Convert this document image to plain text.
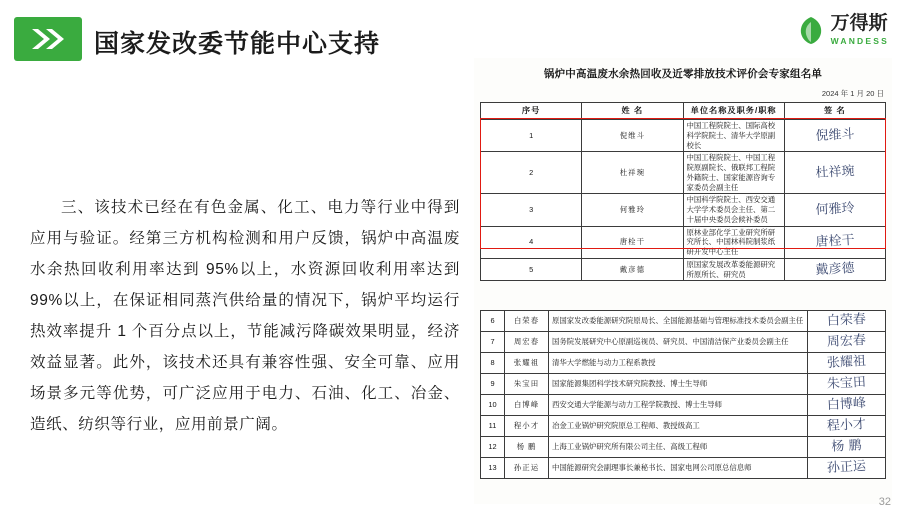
国家发改委节能中心支持
万得斯
WANDESS
三、该技术已经在有色金属、化工、电力等行业中得到应用与验证。经第三方机构检测和用户反馈，锅炉中高温废水余热回收利用率达到 95%以上，水资源回收利用率达到 99%以上，在保证相同蒸汽供给量的情况下，锅炉平均运行热效率提升 1 个百分点以上，节能减污降碳效果明显，经济效益显著。此外，该技术还具有兼容性强、安全可靠、应用场景多元等优势，可广泛应用于电力、石油、化工、冶金、造纸、纺织等行业，应用前景广阔。
锅炉中高温废水余热回收及近零排放技术评价会专家组名单
2024 年 1 月 20 日
序号	姓 名	单位名称及职务/职称	签 名
1	倪维斗	中国工程院院士、国际高校科学院院士、清华大学原副校长	倪维斗

2	杜祥琬	中国工程院院士、中国工程院原副院长、俄联邦工程院外籍院士、国家能源咨询专家委员会副主任	杜祥琬

3	何雅玲	中国科学院院士、西安交通大学学术委员会主任、第二十届中央委员会候补委员	何雅玲

4	唐栓干	原林业部化学工业研究所研究所长、中国林科院制浆纸研开发中心主任	唐栓干

5	戴彦德	原国家发展改革委能源研究所原所长、研究员	戴彦德
6	白荣春	原国家发改委能源研究院原局长、全国能源基础与管理标准技术委员会副主任	白荣春

7	周宏春	国务院发展研究中心原副巡视员、研究员、中国清洁保产业委员会副主任	周宏春

8	张耀祖	清华大学燃能与动力工程系教授	张耀祖

9	朱宝田	国家能源集团科学技术研究院教授、博士生导师	朱宝田

10	白博峰	西安交通大学能源与动力工程学院教授、博士生导师	白博峰

11	程小才	冶金工业锅炉研究院原总工程师、教授级高工	程小才

12	杨 鹏	上海工业锅炉研究所有限公司主任、高级工程师	杨 鹏

13	孙正运	中国能源研究会副理事长兼秘书长、国家电网公司原总信息师	孙正运
32
